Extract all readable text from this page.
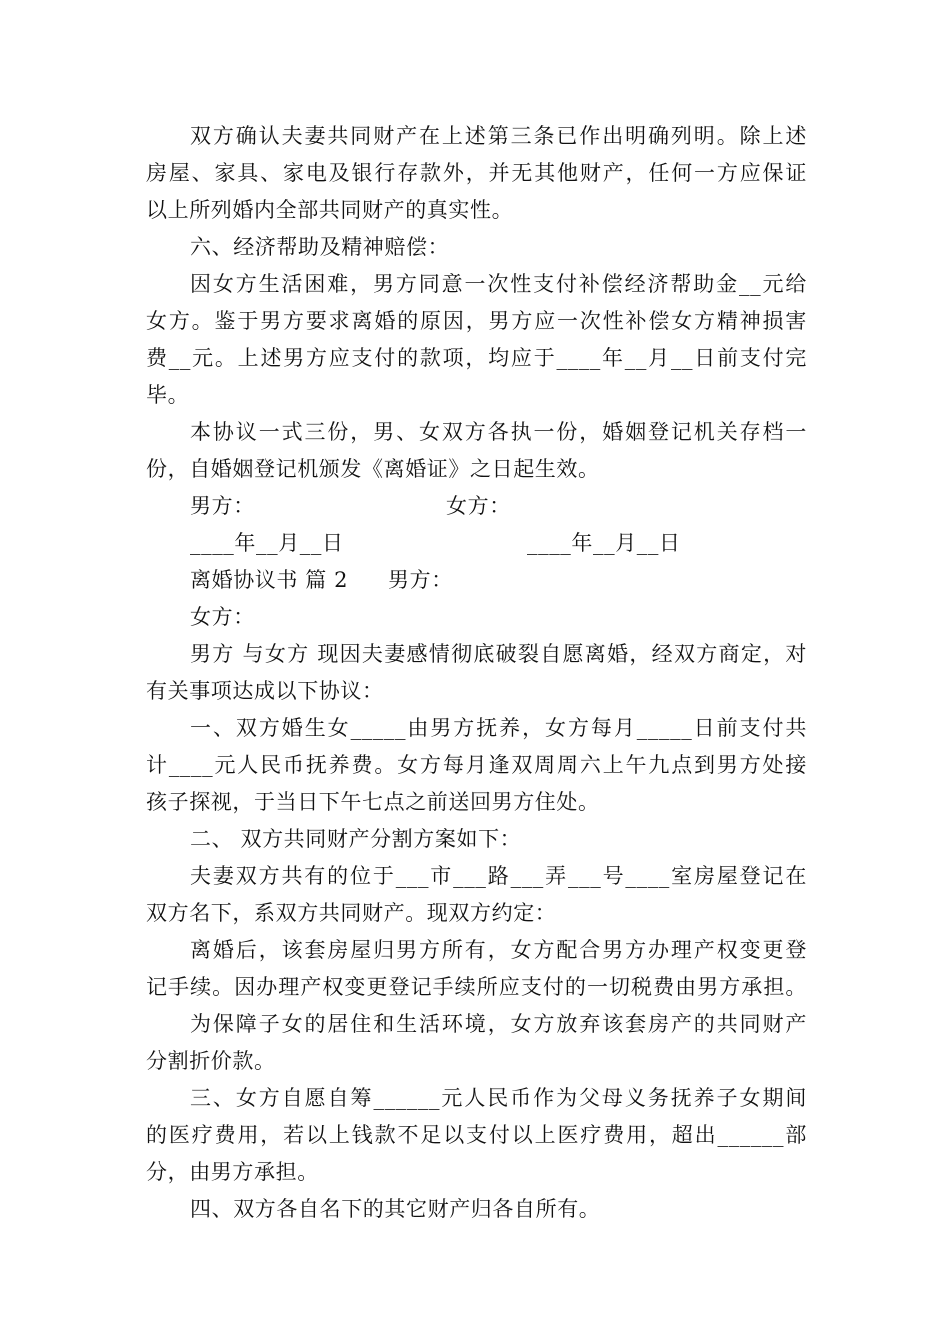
双方确认夫妻共同财产在上述第三条已作出明确列明。除上述
房屋、家具、家电及银行存款外，并无其他财产，任何一方应保证
以上所列婚内全部共同财产的真实性。
六、经济帮助及精神赔偿：
因女方生活困难，男方同意一次性支付补偿经济帮助金__元给
女方。鉴于男方要求离婚的原因，男方应一次性补偿女方精神损害
费__元。上述男方应支付的款项，均应于____年__月__日前支付完
毕。
本协议一式三份，男、女双方各执一份，婚姻登记机关存档一
份，自婚姻登记机颁发《离婚证》之日起生效。
男方：	女方：
____年__月__日	____年__月__日
离婚协议书 篇 2 男方：
女方：
男方 与女方 现因夫妻感情彻底破裂自愿离婚，经双方商定，对
有关事项达成以下协议：
一、双方婚生女_____由男方抚养，女方每月_____日前支付共
计____元人民币抚养费。女方每月逢双周周六上午九点到男方处接
孩子探视，于当日下午七点之前送回男方住处。
二、 双方共同财产分割方案如下：
夫妻双方共有的位于___市___路___弄___号____室房屋登记在
双方名下，系双方共同财产。现双方约定：
离婚后，该套房屋归男方所有，女方配合男方办理产权变更登
记手续。因办理产权变更登记手续所应支付的一切税费由男方承担。
为保障子女的居住和生活环境，女方放弃该套房产的共同财产
分割折价款。
三、女方自愿自筹______元人民币作为父母义务抚养子女期间
的医疗费用，若以上钱款不足以支付以上医疗费用，超出______部
分，由男方承担。
四、双方各自名下的其它财产归各自所有。
